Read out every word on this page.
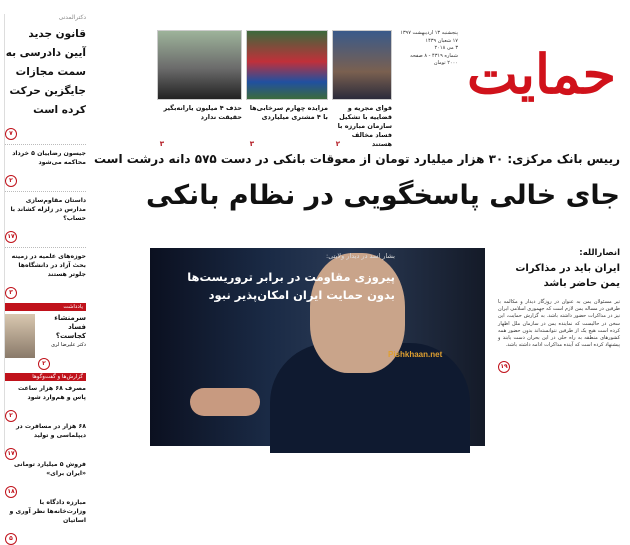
حمایت
پنجشنبه ۱۳ اردیبهشت ۱۳۹۷
۱۷ شعبان ۱۴۳۹
۳ می ۲۰۱۸
شماره ۴۳۱۹ - ۸ صفحه
۲۰۰۰ تومان
قوای مجریه و قضاییه با تشکیل سازمان مبارزه با فساد مخالف هستند
۲
مزایده چهارم سرخابی‌ها با ۴ مشتری میلیاردی
۳
حذف ۴ میلیون یارانه‌بگیر حقیقت ندارد
۳
دکترالمدنی
قانون جدید آیین دادرسی به سمت مجازات جایگزین حرکت کرده است
۷
جیسون رضاییان ۵ خرداد محاکمه می‌شود
۲
داستان مقاوم‌سازی مدارس در زلزله کشاند با حساب؟
۱۷
حوزه‌های علمیه در زمینه بحث آزاد در دانشگاه‌ها جلوتر هستند
۳
یادداشت
سرمنشاء فساد کجاست؟
دکتر علیرضا لری
۲
گزارش‌ها و گفت‌وگوها
مصرف ۶۸ هزار ساعت پاس و هم‌وارد شود
۲
۶۸ هزار در مسافرت در دیپلماسی و تولید
۱۷
فروش ۵ میلیارد تومانی «ایران برای»
۱۸
مبارزه دادگاه با وزارت‌خانه‌ها نظر آوری و اساتیان
۵
رییس بانک مرکزی: ۳۰ هزار میلیارد تومان از معوقات بانکی در دست ۵۷۵ دانه درشت است
جای خالی پاسخگویی در نظام بانکی
بشار اسد در دیدار ولایتی:
پیروزی مقاومت در برابر تروریست‌ها بدون حمایت ایران امکان‌پذیر نبود
Pishkhaan.net
انصارالله:
ایران باید در مذاکرات یمن حاضر باشد
تیر مسئولان یمن به عنوان در روزگار دیدار و مکالمه با طرفین در مساله یمن لازم است که جهموری اسلامی ایران نیز در مذاکرات حضور داشته باشد. به گزارش حمایت، این سخن در حالیست که نماینده یمن در سازمان ملل اظهار کرده است هیچ یک از طرفین نتوانسته‌اند بدون حضور همه کشورهای منطقه به راه حلی در این بحران دست یابند و پیشنهاد کرده است که آینده مذاکرات ادامه داشته باشد.
۱۹
